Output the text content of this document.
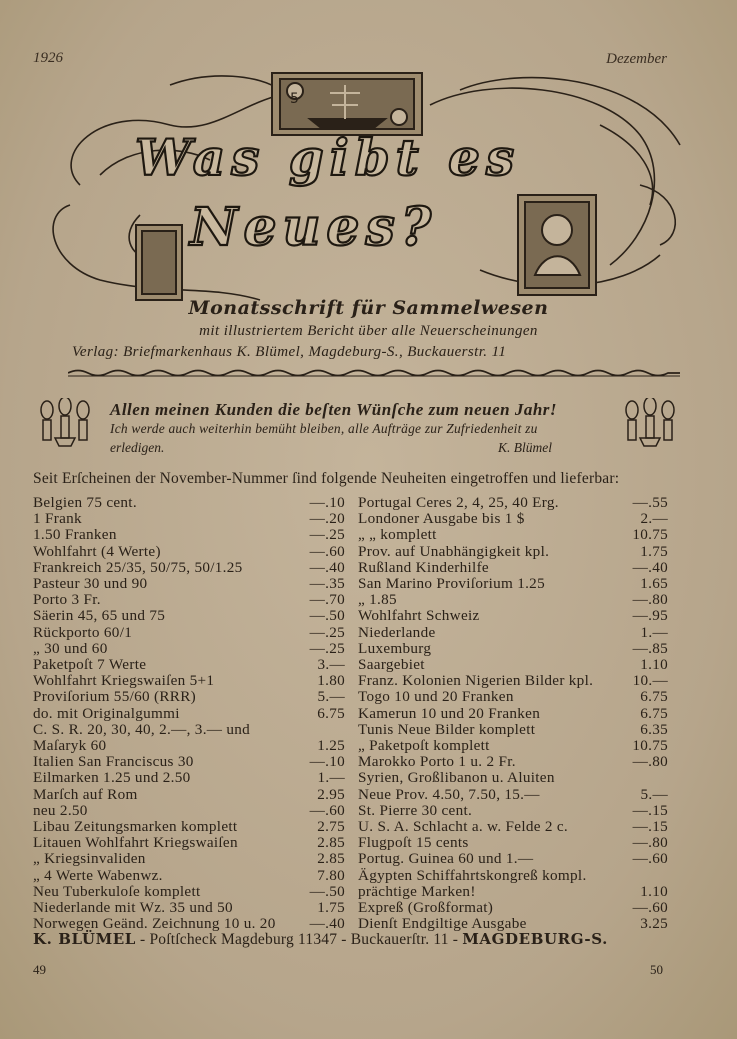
1926	Dezember
Was gibt es
Neues?
5
Monatsschrift für Sammelwesen
mit illustriertem Bericht über alle Neuerscheinungen
Verlag: Briefmarkenhaus K. Blümel, Magdeburg-S., Buckauerstr. 11
Allen meinen Kunden die beſten Wünſche zum neuen Jahr!
Ich werde auch weiterhin bemüht bleiben, alle Aufträge zur Zufriedenheit zu
erledigen.	K. Blümel
Seit Erſcheinen der November-Nummer ſind folgende Neuheiten eingetroffen und lieferbar:
Belgien 75 cent.	—.10
1 Frank	—.20
1.50 Franken	—.25
Wohlfahrt (4 Werte)	—.60
Frankreich 25/35, 50/75, 50/1.25	—.40
Pasteur 30 und 90	—.35
Porto 3 Fr.	—.70
Säerin 45, 65 und 75	—.50
Rückporto 60/1	—.25
„ 30 und 60	—.25
Paketpoſt 7 Werte	3.—
Wohlfahrt Kriegswaiſen 5+1	1.80
Proviſorium 55/60 (RRR)	5.—
do. mit Originalgummi	6.75
C. S. R. 20, 30, 40, 2.—, 3.— und
Maſaryk 60	1.25
Italien San Franciscus 30	—.10
Eilmarken 1.25 und 2.50	1.—
Marſch auf Rom	2.95
neu 2.50	—.60
Libau Zeitungsmarken komplett	2.75
Litauen Wohlfahrt Kriegswaiſen	2.85
„ Kriegsinvaliden	2.85
„ 4 Werte Wabenwz.	7.80
Neu Tuberkuloſe komplett	—.50
Niederlande mit Wz. 35 und 50	1.75
Norwegen Geänd. Zeichnung 10 u. 20 —.40
Portugal Ceres 2, 4, 25, 40 Erg.	—.55
Londoner Ausgabe bis 1 $	2.—
„ „ komplett	10.75
Prov. auf Unabhängigkeit kpl.	1.75
Rußland Kinderhilfe	—.40
San Marino Proviſorium 1.25	1.65
„ 1.85	—.80
Wohlfahrt Schweiz	—.95
Niederlande	1.—
Luxemburg	—.85
Saargebiet	1.10
Franz. Kolonien Nigerien Bilder kpl.	10.—
Togo 10 und 20 Franken	6.75
Kamerun 10 und 20 Franken	6.75
Tunis Neue Bilder komplett	6.35
„ Paketpoſt komplett	10.75
Marokko Porto 1 u. 2 Fr.	—.80
Syrien, Großlibanon u. Aluiten
Neue Prov. 4.50, 7.50, 15.—	5.—
St. Pierre 30 cent.	—.15
U. S. A. Schlacht a. w. Felde 2 c.	—.15
Flugpoſt 15 cents	—.80
Portug. Guinea 60 und 1.—	—.60
Ägypten Schiffahrtskongreß kompl.
prächtige Marken!	1.10
Expreß (Großformat)	—.60
Dienſt Endgiltige Ausgabe	3.25
K. BLÜMEL - Poſtſcheck Magdeburg 11347 - Buckauerſtr. 11 - MAGDEBURG-S.
49	50
